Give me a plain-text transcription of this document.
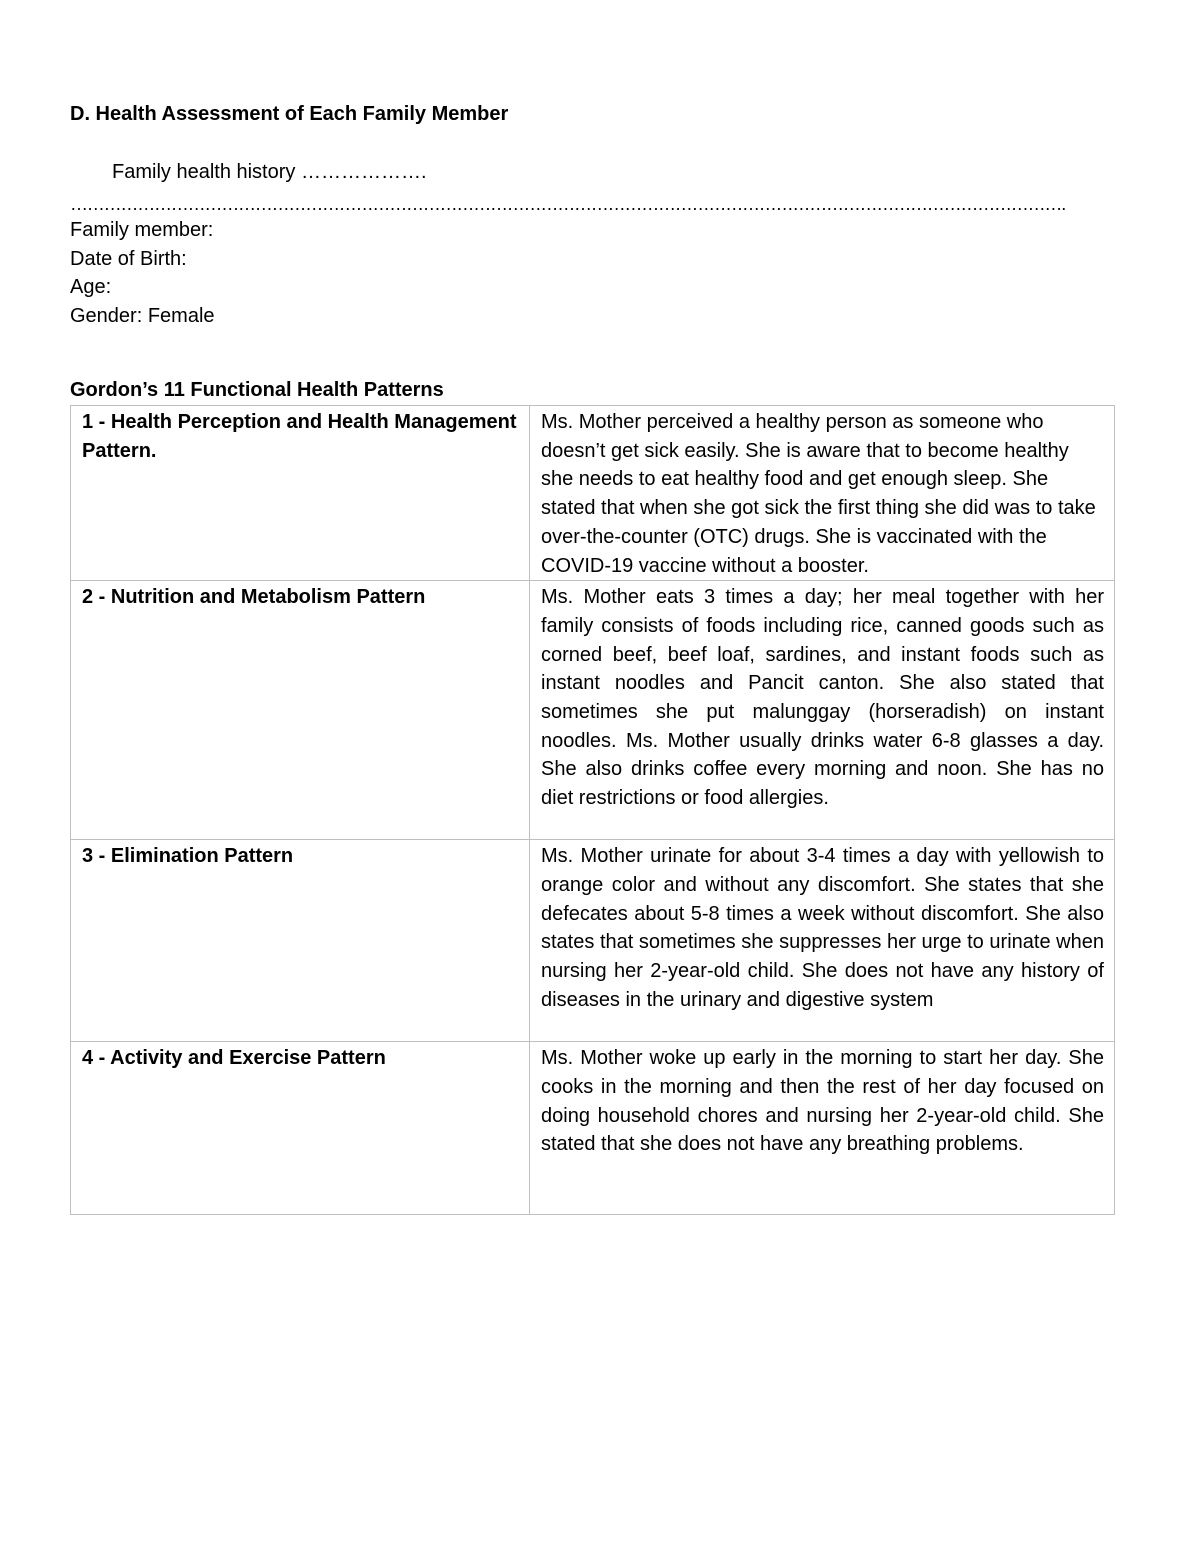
D. Health Assessment of Each Family Member
Family health history ……………….
…………………………………………………………………………………………………………………………………………………………….
Family member:
Date of Birth:
Age:
Gender: Female
Gordon’s 11 Functional Health Patterns
1 - Health Perception and Health Management Pattern.	Ms. Mother perceived a healthy person as someone who doesn’t get sick easily. She is aware that to become healthy she needs to eat healthy food and get enough sleep. She stated that when she got sick the first thing she did was to take over-the-counter (OTC) drugs. She is vaccinated with the COVID-19 vaccine without a booster.
2 - Nutrition and Metabolism Pattern	Ms. Mother eats 3 times a day; her meal together with her family consists of foods including rice, canned goods such as corned beef, beef loaf, sardines, and instant foods such as instant noodles and Pancit canton. She also stated that sometimes she put malunggay (horseradish) on instant noodles. Ms. Mother usually drinks water 6-8 glasses a day. She also drinks coffee every morning and noon. She has no diet restrictions or food allergies.
3 - Elimination Pattern	Ms. Mother urinate for about 3-4 times a day with yellowish to orange color and without any discomfort. She states that she defecates about 5-8 times a week without discomfort. She also states that sometimes she suppresses her urge to urinate when nursing her 2-year-old child. She does not have any history of diseases in the urinary and digestive system
4 - Activity and Exercise Pattern	Ms. Mother woke up early in the morning to start her day. She cooks in the morning and then the rest of her day focused on doing household chores and nursing her 2-year-old child. She stated that she does not have any breathing problems.
